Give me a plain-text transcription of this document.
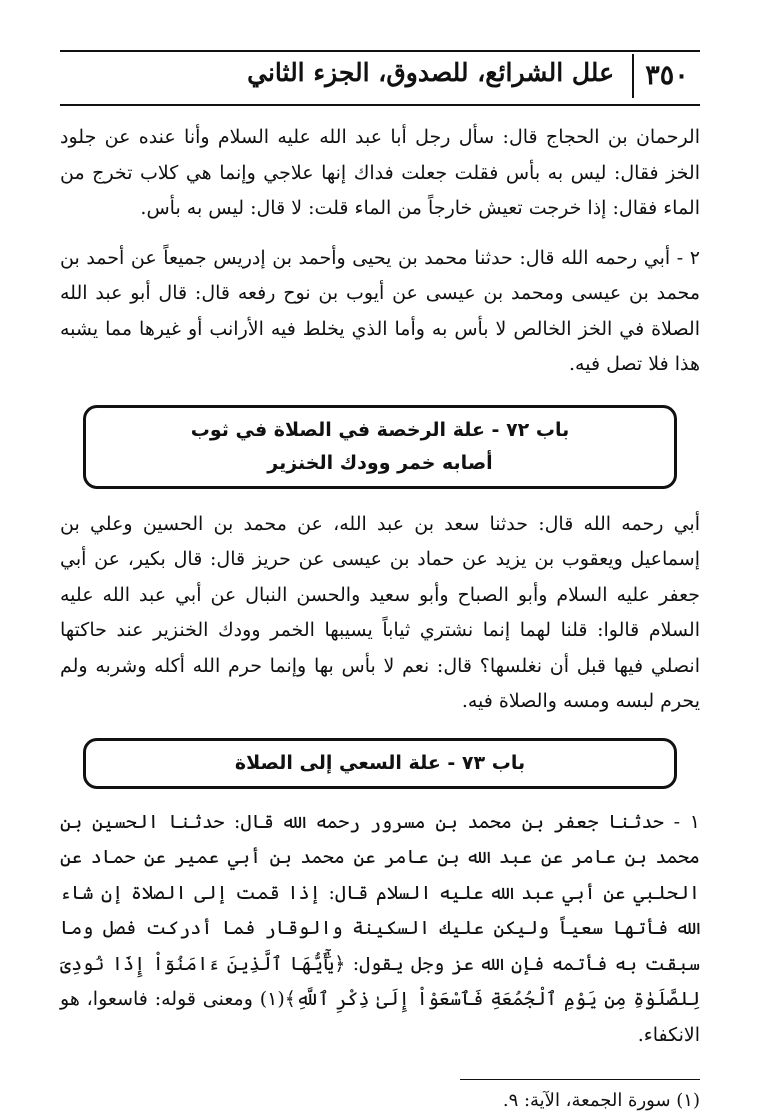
٣٥٠
علل الشرائع، للصدوق، الجزء الثاني

الرحمان بن الحجاج قال: سأل رجل أبا عبد الله عليه السلام وأنا عنده عن جلود الخز فقال: ليس به بأس فقلت جعلت فداك إنها علاجي وإنما هي كلاب تخرج من الماء فقال: إذا خرجت تعيش خارجاً من الماء قلت: لا قال: ليس به بأس.

٢ - أبي رحمه الله قال: حدثنا محمد بن يحيى وأحمد بن إدريس جميعاً عن أحمد بن محمد بن عيسى ومحمد بن عيسى عن أيوب بن نوح رفعه قال: قال أبو عبد الله الصلاة في الخز الخالص لا بأس به وأما الذي يخلط فيه الأرانب أو غيرها مما يشبه هذا فلا تصل فيه.

باب ٧٢ - علة الرخصة في الصلاة في ثوب
أصابه خمر وودك الخنزير

أبي رحمه الله قال: حدثنا سعد بن عبد الله، عن محمد بن الحسين وعلي بن إسماعيل ويعقوب بن يزيد عن حماد بن عيسى عن حريز قال: قال بكير، عن أبي جعفر عليه السلام وأبو الصباح وأبو سعيد والحسن النبال عن أبي عبد الله عليه السلام قالوا: قلنا لهما إنما نشتري ثياباً يسيبها الخمر وودك الخنزير عند حاكتها انصلي فيها قبل أن نغلسها؟ قال: نعم لا بأس بها وإنما حرم الله أكله وشربه ولم يحرم لبسه ومسه والصلاة فيه.

باب ٧٣ - علة السعي إلى الصلاة

١ - حدثنا جعفر بن محمد بن مسرور رحمه الله قال: حدثنا الحسين بن محمد بن عامر عن عبد الله بن عامر عن محمد بن أبي عمير عن حماد عن الحلبي عن أبي عبد الله عليه السلام قال: إذا قمت إلى الصلاة إن شاء الله فأتها سعياً وليكن عليك السكينة والوقار فما أدركت فصل وما سبقت به فأتمه فإن الله عز وجل يقول: ﴿يَٰٓأَيُّهَا ٱلَّذِينَ ءَامَنُوٓاْ إِذَا نُودِىَ لِلصَّلَوٰةِ مِن يَوْمِ ٱلْجُمُعَةِ فَٱسْعَوْاْ إِلَىٰ ذِكْرِ ٱللَّهِ﴾(١) ومعنى قوله: فاسعوا، هو الانكفاء.

(١) سورة الجمعة، الآية: ٩.
